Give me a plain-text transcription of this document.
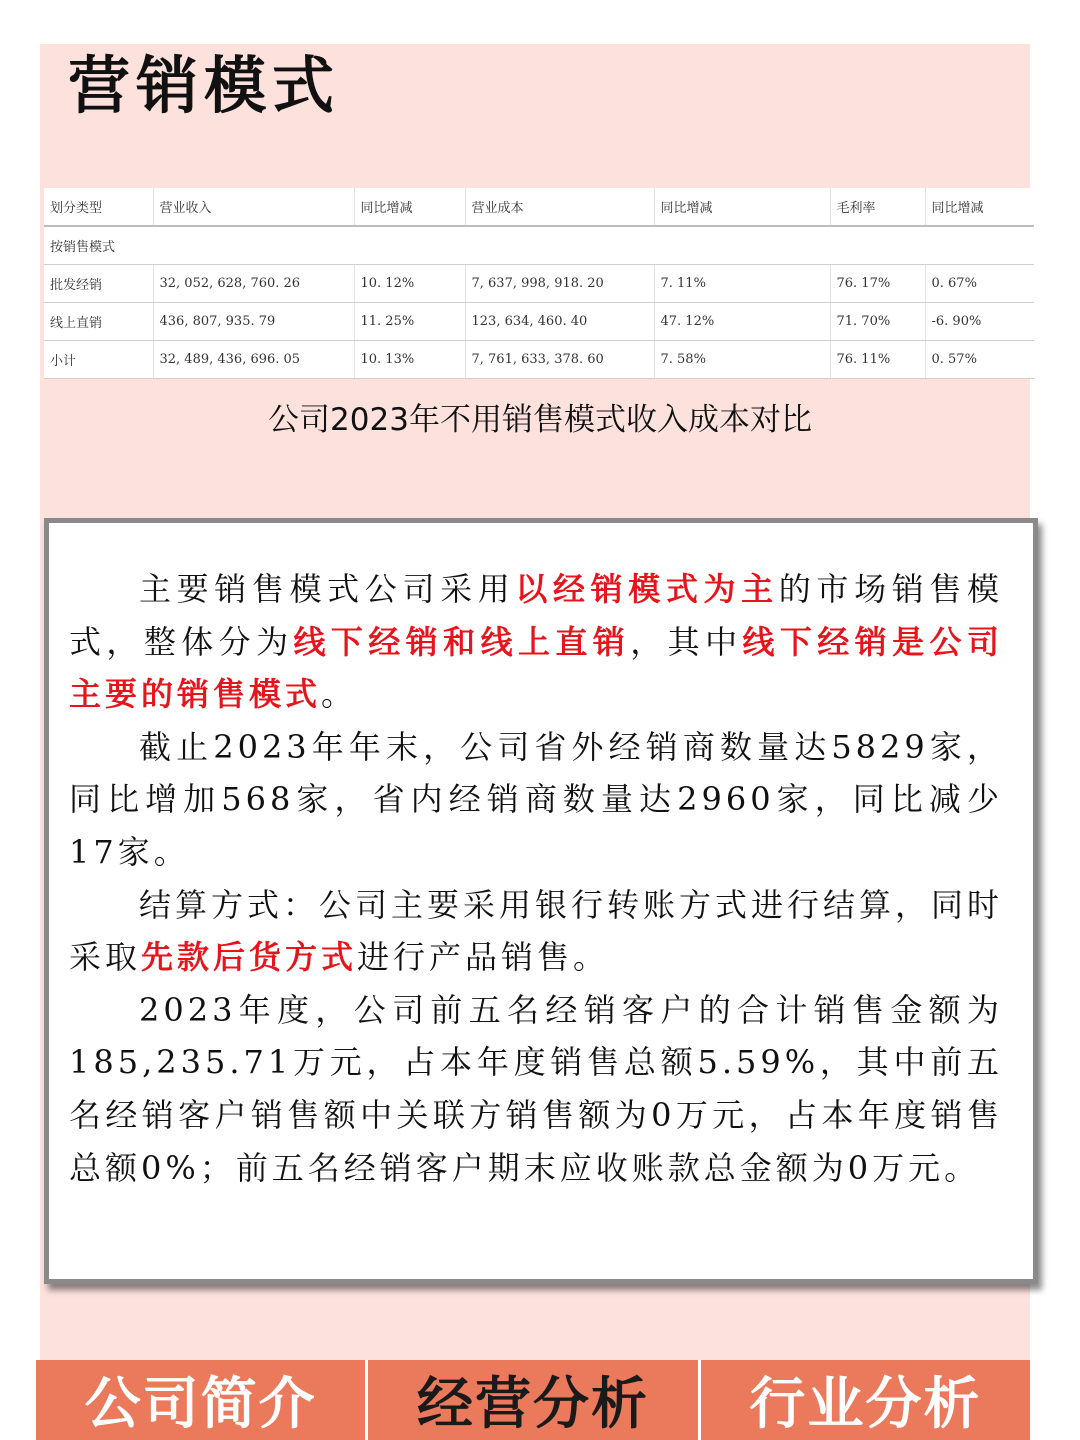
营销模式
划分类型	营业收入	同比增减	营业成本	同比增减	毛利率	同比增减
按销售模式						
批发经销	32, 052, 628, 760. 26	10. 12%	7, 637, 998, 918. 20	7. 11%	76. 17%	0. 67%
线上直销	436, 807, 935. 79	11. 25%	123, 634, 460. 40	47. 12%	71. 70%	-6. 90%
小计	32, 489, 436, 696. 05	10. 13%	7, 761, 633, 378. 60	7. 58%	76. 11%	0. 57%
公司2023年不用销售模式收入成本对比

主要销售模式公司采用以经销模式为主的市场销售模式，整体分为线下经销和线上直销，其中线下经销是公司主要的销售模式。

截止2023年年末，公司省外经销商数量达5829家，同比增加568家，省内经销商数量达2960家，同比减少17家。

结算方式：公司主要采用银行转账方式进行结算，同时采取先款后货方式进行产品销售。

2023年度，公司前五名经销客户的合计销售金额为185,235.71万元，占本年度销售总额5.59%，其中前五名经销客户销售额中关联方销售额为0万元，占本年度销售总额0%；前五名经销客户期末应收账款总金额为0万元。

公司简介	经营分析	行业分析
